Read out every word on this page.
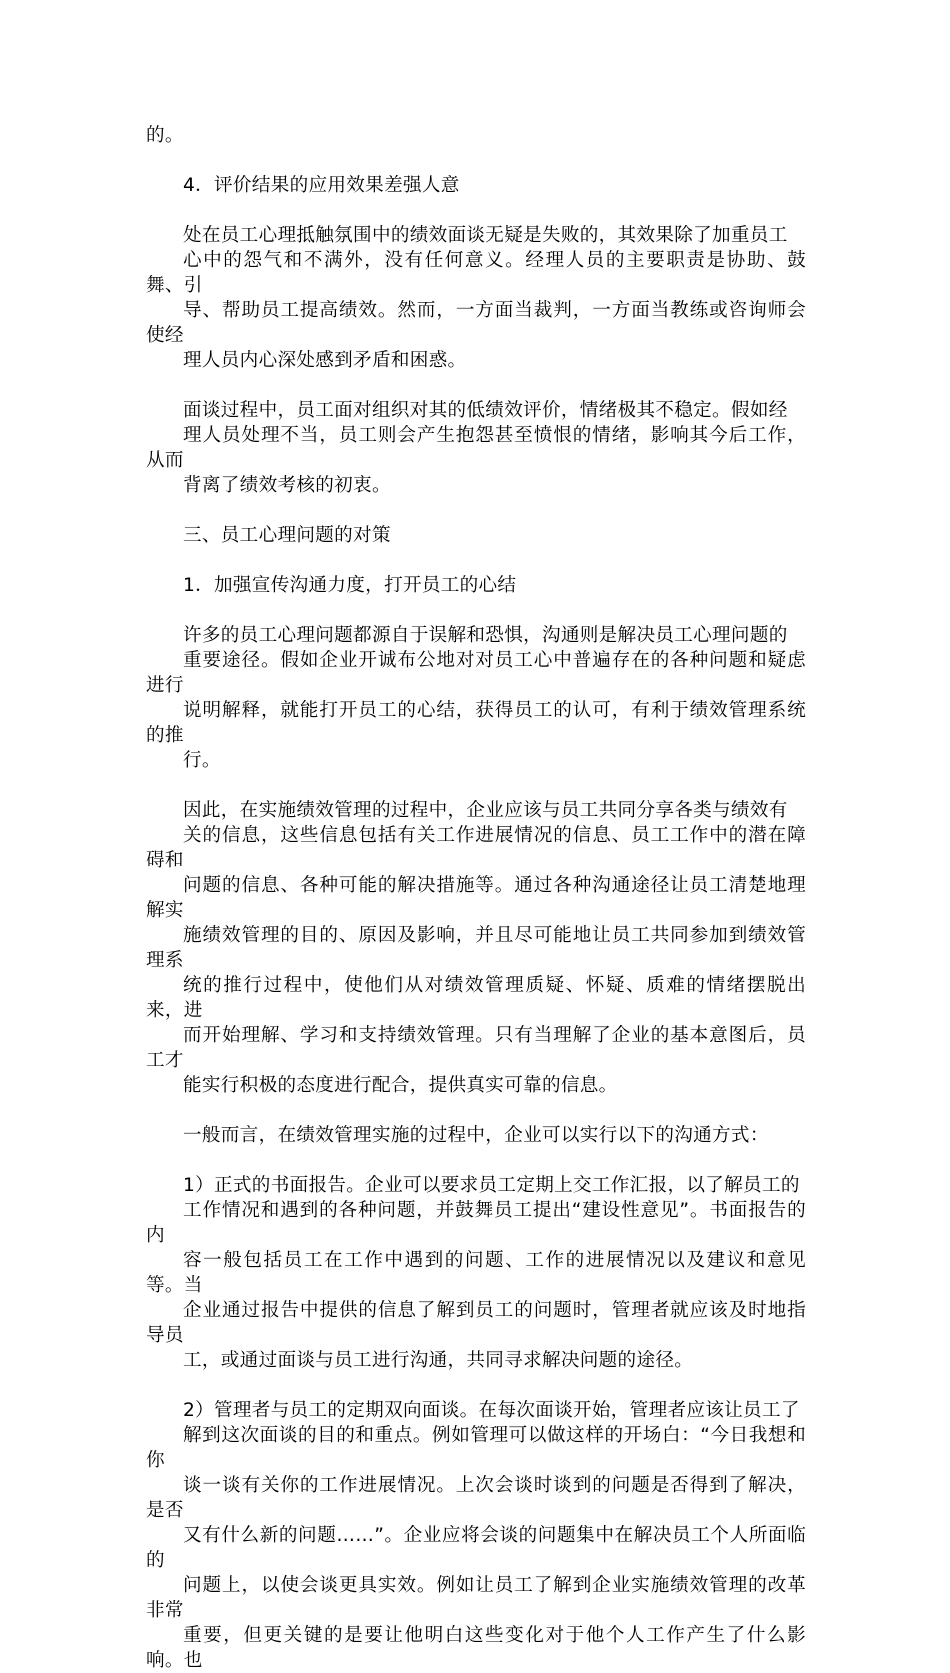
的。

4．评价结果的应用效果差强人意

处在员工心理抵触氛围中的绩效面谈无疑是失败的，其效果除了加重员工
心中的怨气和不满外，没有任何意义。经理人员的主要职责是协助、鼓舞、引
导、帮助员工提高绩效。然而，一方面当裁判，一方面当教练或咨询师会使经
理人员内心深处感到矛盾和困惑。

面谈过程中，员工面对组织对其的低绩效评价，情绪极其不稳定。假如经
理人员处理不当，员工则会产生抱怨甚至愤恨的情绪，影响其今后工作，从而
背离了绩效考核的初衷。

三、员工心理问题的对策

1．加强宣传沟通力度，打开员工的心结

许多的员工心理问题都源自于误解和恐惧，沟通则是解决员工心理问题的
重要途径。假如企业开诚布公地对对员工心中普遍存在的各种问题和疑虑进行
说明解释，就能打开员工的心结，获得员工的认可，有利于绩效管理系统的推
行。

因此，在实施绩效管理的过程中，企业应该与员工共同分享各类与绩效有
关的信息，这些信息包括有关工作进展情况的信息、员工工作中的潜在障碍和
问题的信息、各种可能的解决措施等。通过各种沟通途径让员工清楚地理解实
施绩效管理的目的、原因及影响，并且尽可能地让员工共同参加到绩效管理系
统的推行过程中，使他们从对绩效管理质疑、怀疑、质难的情绪摆脱出来，进
而开始理解、学习和支持绩效管理。只有当理解了企业的基本意图后，员工才
能实行积极的态度进行配合，提供真实可靠的信息。

一般而言，在绩效管理实施的过程中，企业可以实行以下的沟通方式：

1）正式的书面报告。企业可以要求员工定期上交工作汇报，以了解员工的
工作情况和遇到的各种问题，并鼓舞员工提出“建设性意见”。书面报告的内
容一般包括员工在工作中遇到的问题、工作的进展情况以及建议和意见等。当
企业通过报告中提供的信息了解到员工的问题时，管理者就应该及时地指导员
工，或通过面谈与员工进行沟通，共同寻求解决问题的途径。

2）管理者与员工的定期双向面谈。在每次面谈开始，管理者应该让员工了
解到这次面谈的目的和重点。例如管理可以做这样的开场白：“今日我想和你
谈一谈有关你的工作进展情况。上次会谈时谈到的问题是否得到了解决，是否
又有什么新的问题……”。企业应将会谈的问题集中在解决员工个人所面临的
问题上，以使会谈更具实效。例如让员工了解到企业实施绩效管理的改革非常
重要，但更关键的是要让他明白这些变化对于他个人工作产生了什么影响。也
